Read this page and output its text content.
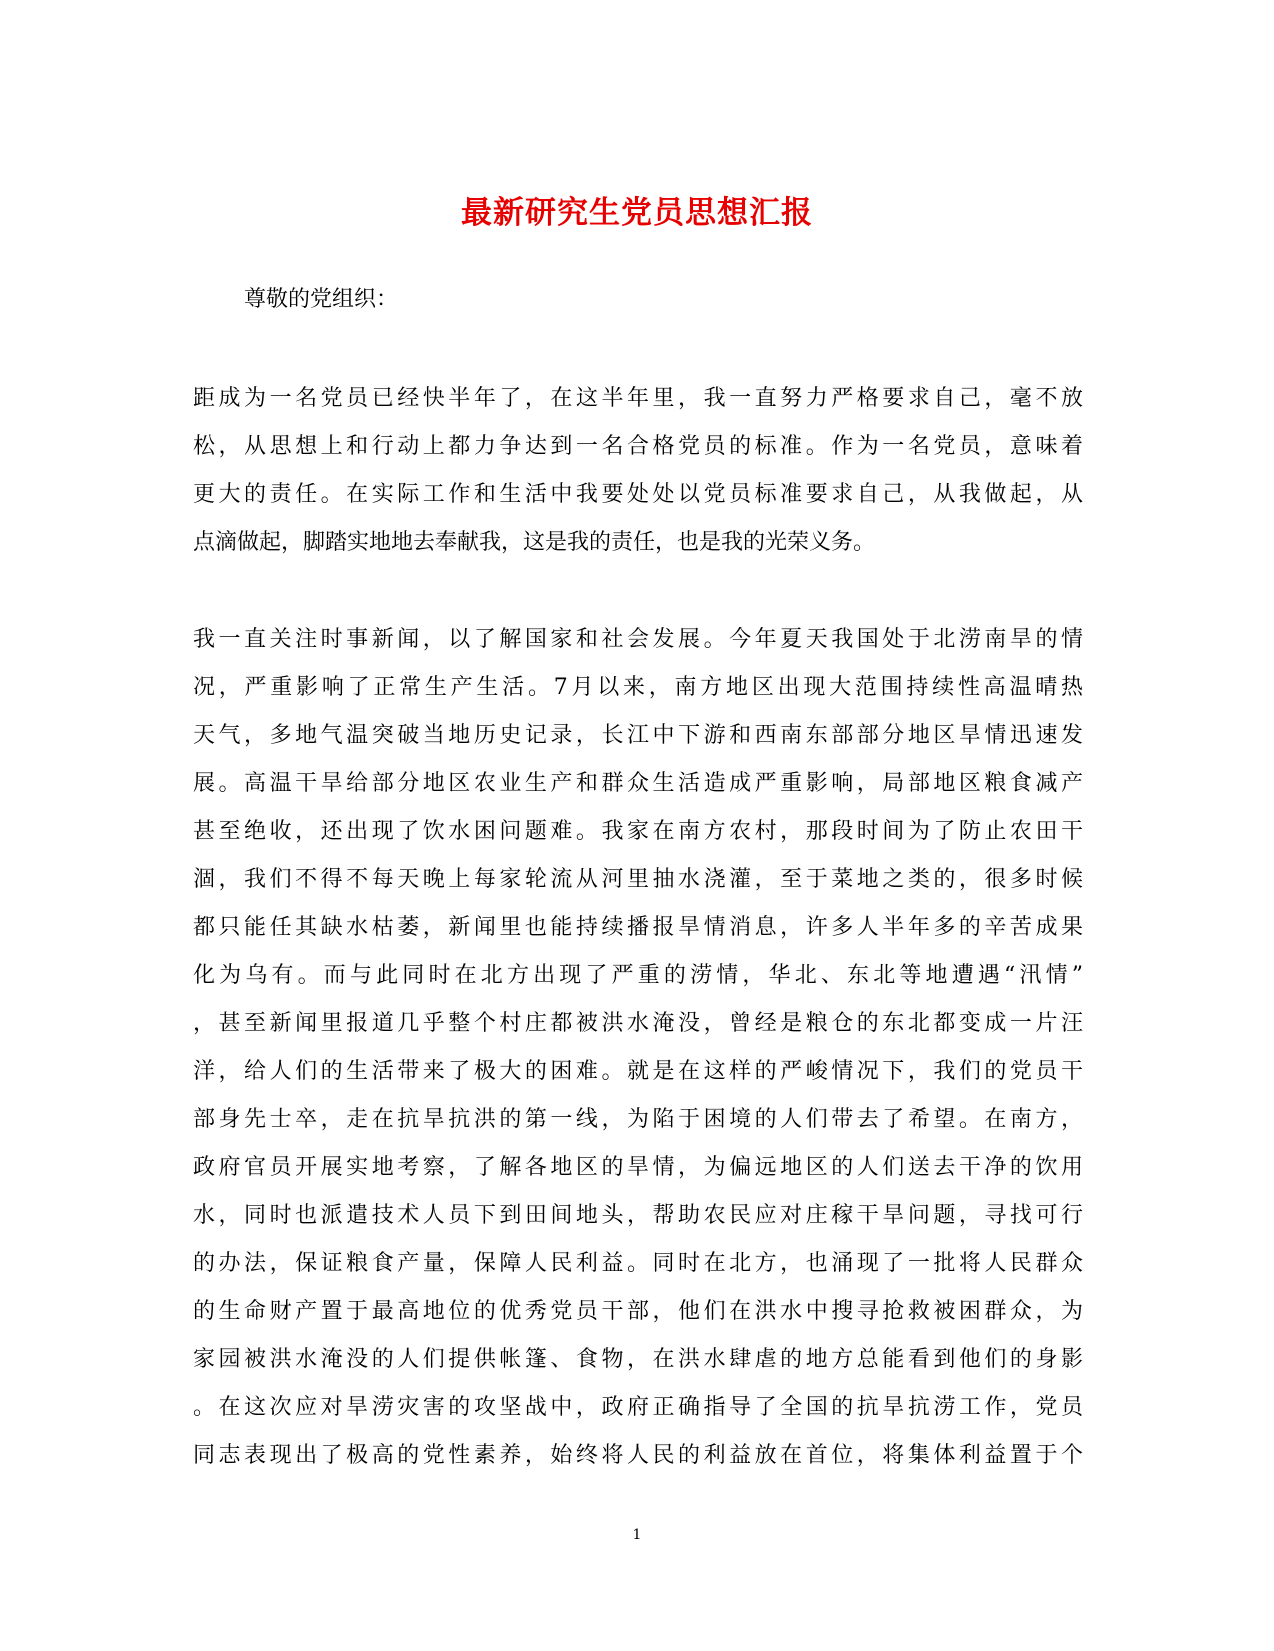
最新研究生党员思想汇报
尊敬的党组织：
距成为一名党员已经快半年了，在这半年里，我一直努力严格要求自己，毫不放
松，从思想上和行动上都力争达到一名合格党员的标准。作为一名党员，意味着
更大的责任。在实际工作和生活中我要处处以党员标准要求自己，从我做起，从
点滴做起，脚踏实地地去奉献我，这是我的责任，也是我的光荣义务。
我一直关注时事新闻，以了解国家和社会发展。今年夏天我国处于北涝南旱的情
况，严重影响了正常生产生活。7月以来，南方地区出现大范围持续性高温晴热
天气，多地气温突破当地历史记录，长江中下游和西南东部部分地区旱情迅速发
展。高温干旱给部分地区农业生产和群众生活造成严重影响，局部地区粮食减产
甚至绝收，还出现了饮水困问题难。我家在南方农村，那段时间为了防止农田干
涸，我们不得不每天晚上每家轮流从河里抽水浇灌，至于菜地之类的，很多时候
都只能任其缺水枯萎，新闻里也能持续播报旱情消息，许多人半年多的辛苦成果
化为乌有。而与此同时在北方出现了严重的涝情，华北、东北等地遭遇“汛情”
，甚至新闻里报道几乎整个村庄都被洪水淹没，曾经是粮仓的东北都变成一片汪
洋，给人们的生活带来了极大的困难。就是在这样的严峻情况下，我们的党员干
部身先士卒，走在抗旱抗洪的第一线，为陷于困境的人们带去了希望。在南方，
政府官员开展实地考察，了解各地区的旱情，为偏远地区的人们送去干净的饮用
水，同时也派遣技术人员下到田间地头，帮助农民应对庄稼干旱问题，寻找可行
的办法，保证粮食产量，保障人民利益。同时在北方，也涌现了一批将人民群众
的生命财产置于最高地位的优秀党员干部，他们在洪水中搜寻抢救被困群众，为
家园被洪水淹没的人们提供帐篷、食物，在洪水肆虐的地方总能看到他们的身影
。在这次应对旱涝灾害的攻坚战中，政府正确指导了全国的抗旱抗涝工作，党员
同志表现出了极高的党性素养，始终将人民的利益放在首位，将集体利益置于个
1
